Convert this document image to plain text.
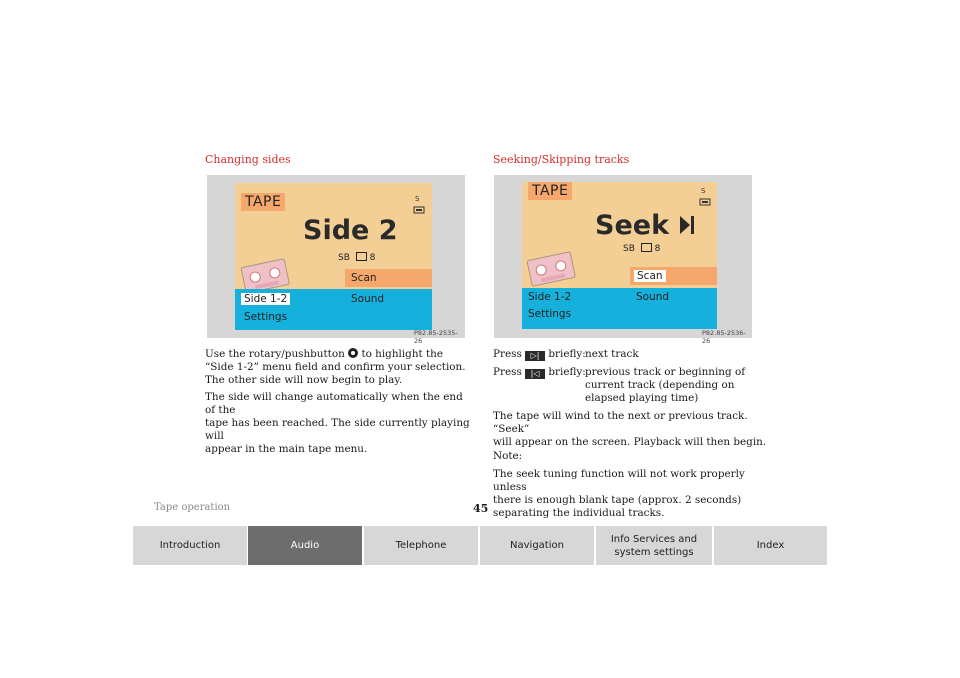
Changing sides
TAPE	S
Side 2
SB 8
Scan
Side 1-2	Sound
Settings
P82.85-2535-26
Use the rotary/pushbutton to highlight the
“Side 1-2” menu field and confirm your selection.
The other side will now begin to play.
The side will change automatically when the end of the
tape has been reached. The side currently playing will
appear in the main tape menu.
Seeking/Skipping tracks
TAPE	S
Seek
SB 8
Scan
Side 1-2	Sound
Settings
P82.85-2536-26
Press ▷| briefly: next track
Press |◁ briefly: previous track or beginning of
current track (depending on
elapsed playing time)
The tape will wind to the next or previous track. “Seek”
will appear on the screen. Playback will then begin.
Note:
The seek tuning function will not work properly unless
there is enough blank tape (approx. 2 seconds)
separating the individual tracks.
Tape operation	45
Introduction	Audio	Telephone	Navigation
Info Services and
system settings
Index
